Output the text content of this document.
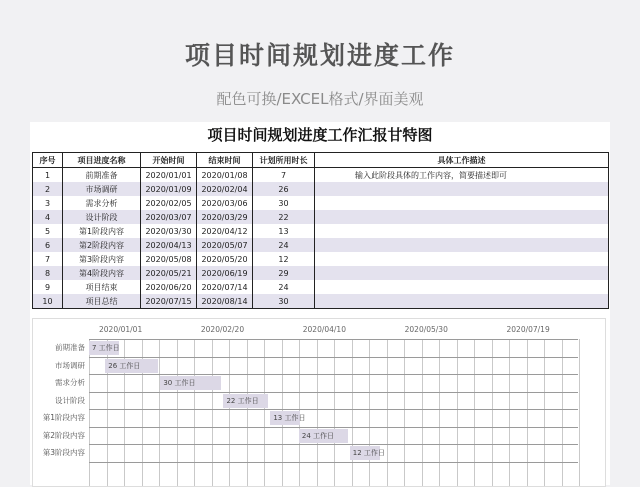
项目时间规划进度工作
配色可换/EXCEL格式/界面美观
项目时间规划进度工作汇报甘特图
序号	项目进度名称	开始时间	结束时间	计划所用时长	具体工作描述
1	前期准备	2020/01/01	2020/01/08	7	输入此阶段具体的工作内容，简要描述即可
2	市场调研	2020/01/09	2020/02/04	26	
3	需求分析	2020/02/05	2020/03/06	30	
4	设计阶段	2020/03/07	2020/03/29	22	
5	第1阶段内容	2020/03/30	2020/04/12	13	
6	第2阶段内容	2020/04/13	2020/05/07	24	
7	第3阶段内容	2020/05/08	2020/05/20	12	
8	第4阶段内容	2020/05/21	2020/06/19	29	
9	项目结束	2020/06/20	2020/07/14	24	
10	项目总结	2020/07/15	2020/08/14	30	
2020/01/01	2020/02/20	2020/04/10	2020/05/30	2020/07/19
前期准备	7 工作日
市场调研	26 工作日
需求分析	30 工作日
设计阶段	22 工作日
第1阶段内容	13 工作日
第2阶段内容	24 工作日
第3阶段内容	12 工作日
